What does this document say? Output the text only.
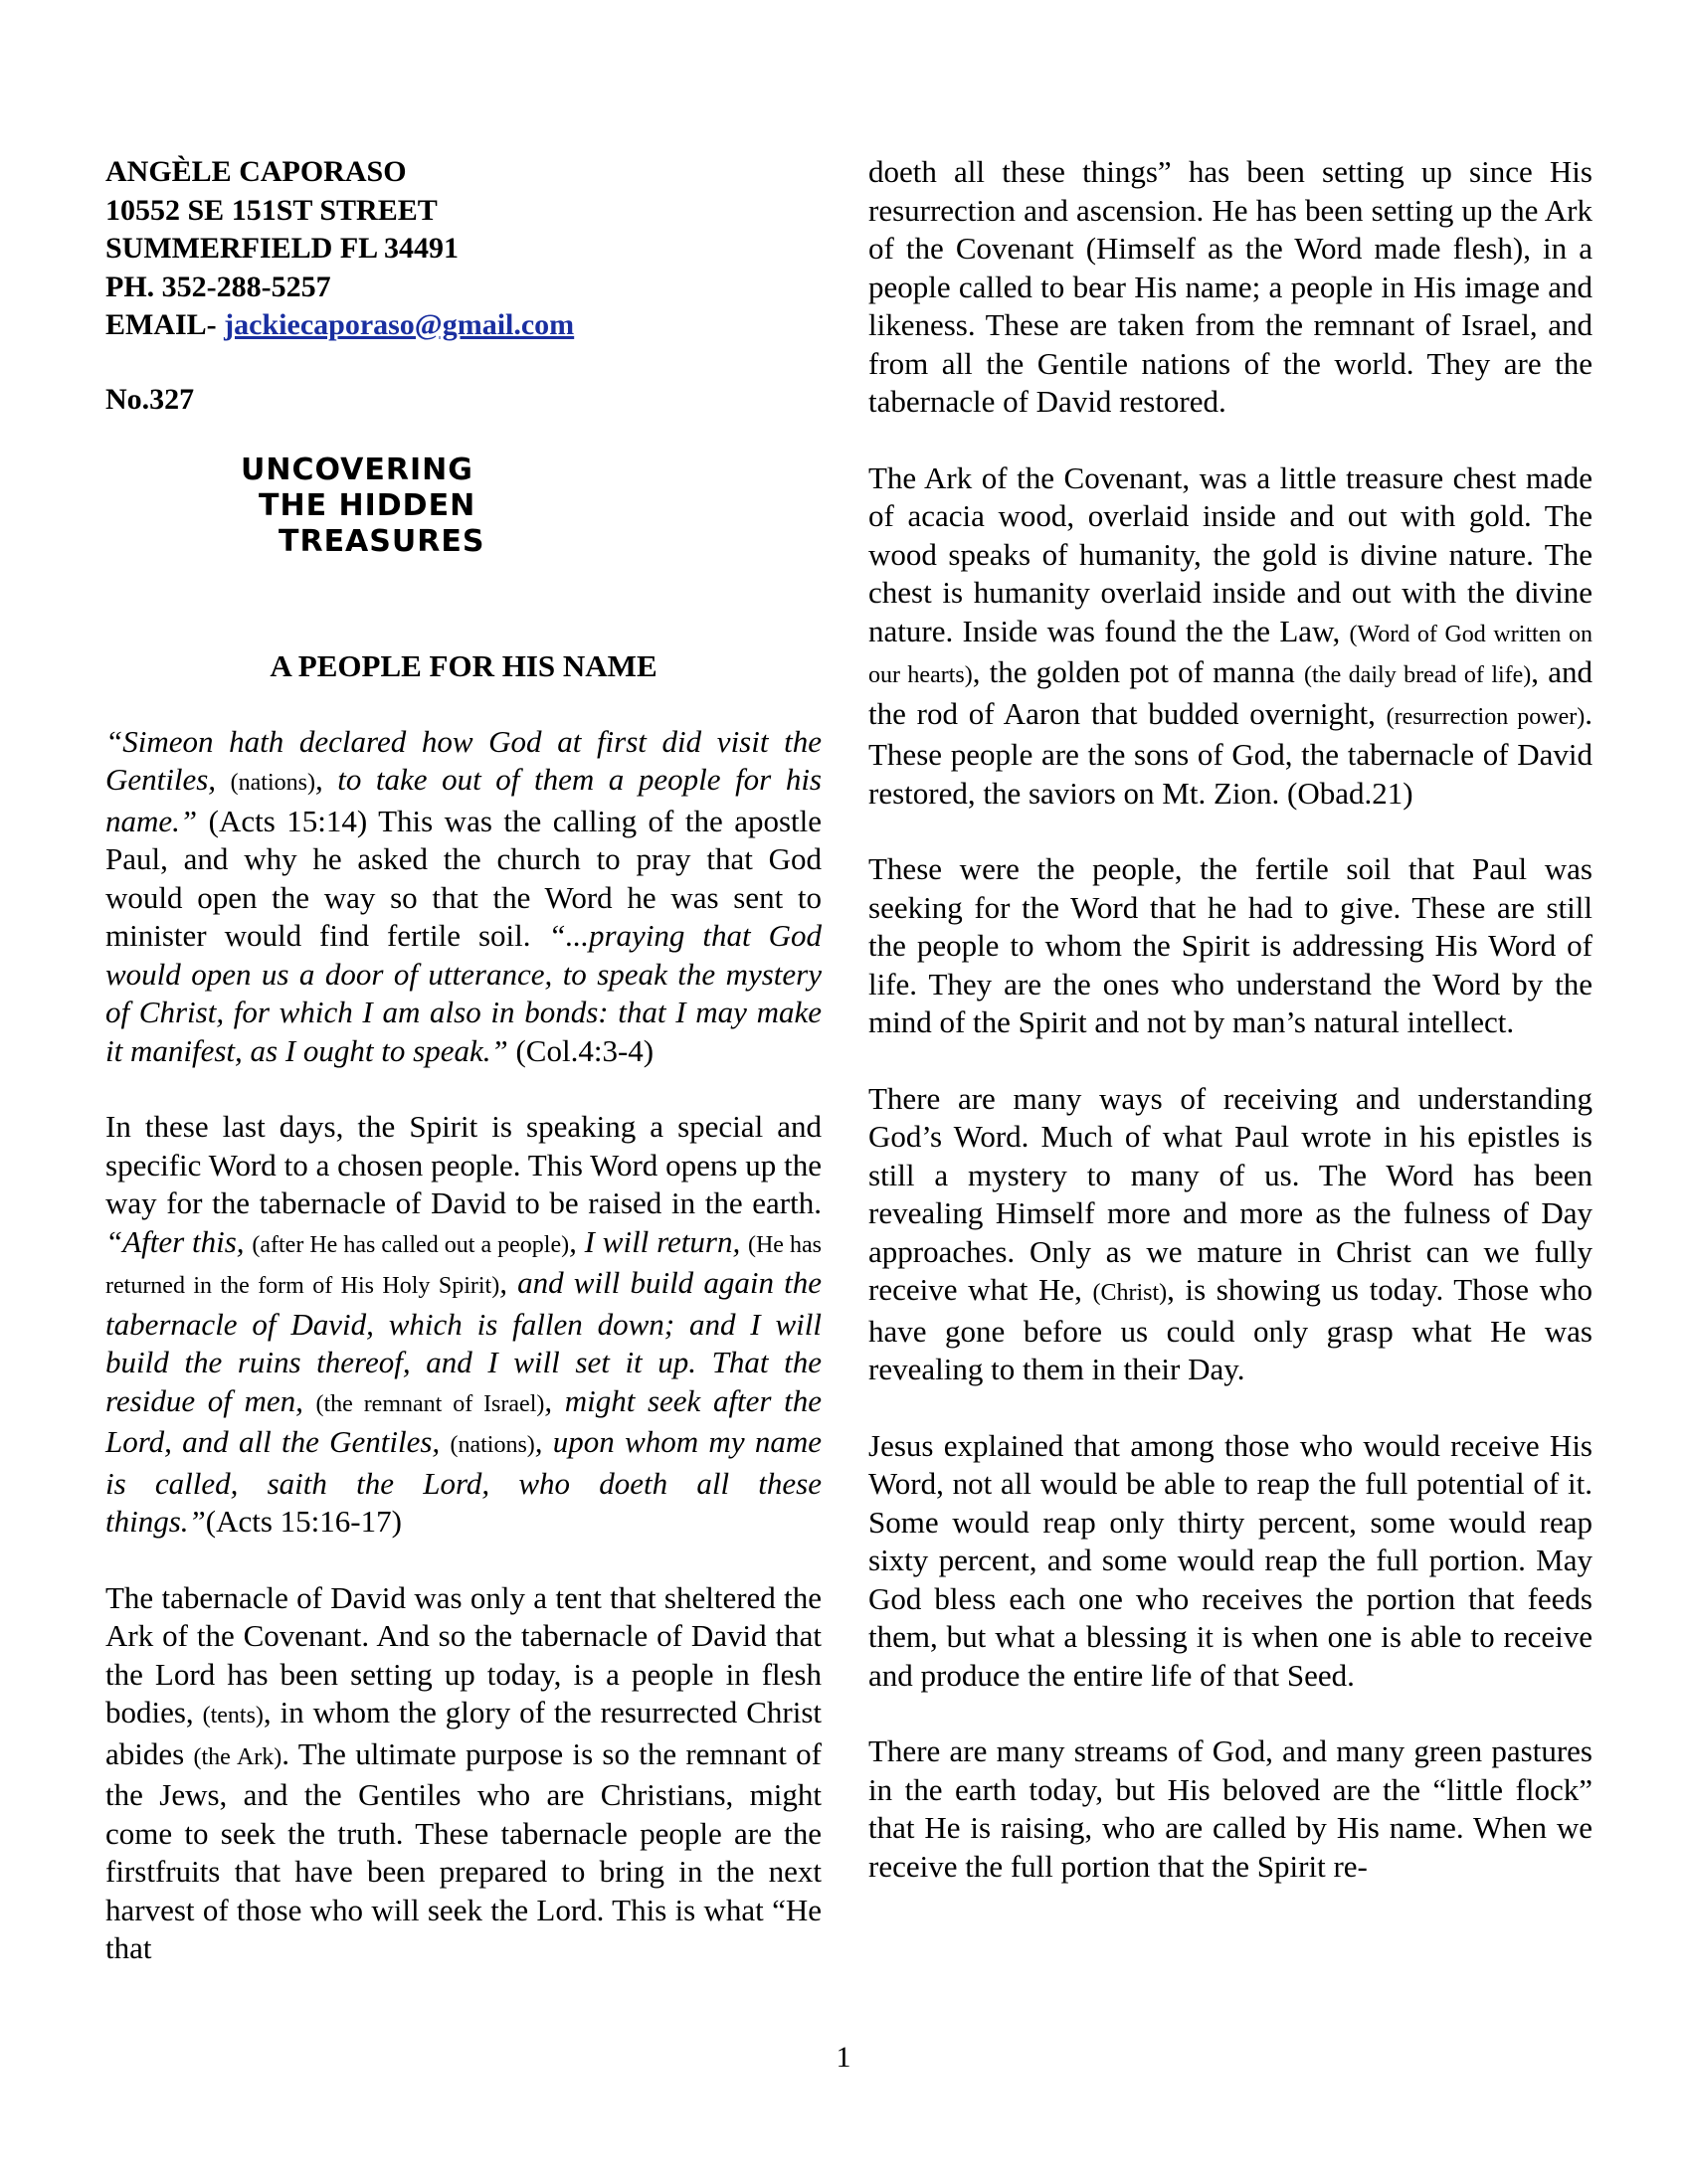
ANGÈLE CAPORASO
10552 SE 151ST STREET
SUMMERFIELD FL 34491
PH. 352-288-5257
EMAIL- jackiecaporaso@gmail.com
No.327
UNCOVERING
THE HIDDEN
TREASURES
A PEOPLE FOR HIS NAME

“Simeon hath declared how God at first did visit the Gentiles, (nations), to take out of them a people for his name.” (Acts 15:14) This was the calling of the apostle Paul, and why he asked the church to pray that God would open the way so that the Word he was sent to minister would find fertile soil. “...praying that God would open us a door of utterance, to speak the mystery of Christ, for which I am also in bonds: that I may make it manifest, as I ought to speak.” (Col.4:3-4)

In these last days, the Spirit is speaking a special and specific Word to a chosen people. This Word opens up the way for the tabernacle of David to be raised in the earth. “After this, (after He has called out a people), I will return, (He has returned in the form of His Holy Spirit), and will build again the tabernacle of David, which is fallen down; and I will build the ruins thereof, and I will set it up. That the residue of men, (the remnant of Israel), might seek after the Lord, and all the Gentiles, (nations), upon whom my name is called, saith the Lord, who doeth all these things.”(Acts 15:16-17)

The tabernacle of David was only a tent that sheltered the Ark of the Covenant. And so the tabernacle of David that the Lord has been setting up today, is a people in flesh bodies, (tents), in whom the glory of the resurrected Christ abides (the Ark). The ultimate purpose is so the remnant of the Jews, and the Gentiles who are Christians, might come to seek the truth. These tabernacle people are the firstfruits that have been prepared to bring in the next harvest of those who will seek the Lord. This is what “He that

doeth all these things” has been setting up since His resurrection and ascension. He has been setting up the Ark of the Covenant (Himself as the Word made flesh), in a people called to bear His name; a people in His image and likeness. These are taken from the remnant of Israel, and from all the Gentile nations of the world. They are the tabernacle of David restored.

The Ark of the Covenant, was a little treasure chest made of acacia wood, overlaid inside and out with gold. The wood speaks of humanity, the gold is divine nature. The chest is humanity overlaid inside and out with the divine nature. Inside was found the the Law, (Word of God written on our hearts), the golden pot of manna (the daily bread of life), and the rod of Aaron that budded overnight, (resurrection power). These people are the sons of God, the tabernacle of David restored, the saviors on Mt. Zion. (Obad.21)

These were the people, the fertile soil that Paul was seeking for the Word that he had to give. These are still the people to whom the Spirit is addressing His Word of life. They are the ones who understand the Word by the mind of the Spirit and not by man’s natural intellect.

There are many ways of receiving and understanding God’s Word. Much of what Paul wrote in his epistles is still a mystery to many of us. The Word has been revealing Himself more and more as the fulness of Day approaches. Only as we mature in Christ can we fully receive what He, (Christ), is showing us today. Those who have gone before us could only grasp what He was revealing to them in their Day.

Jesus explained that among those who would receive His Word, not all would be able to reap the full potential of it. Some would reap only thirty percent, some would reap sixty percent, and some would reap the full portion. May God bless each one who receives the portion that feeds them, but what a blessing it is when one is able to receive and produce the entire life of that Seed.

There are many streams of God, and many green pastures in the earth today, but His beloved are the “little flock” that He is raising, who are called by His name. When we receive the full portion that the Spirit re-

1
